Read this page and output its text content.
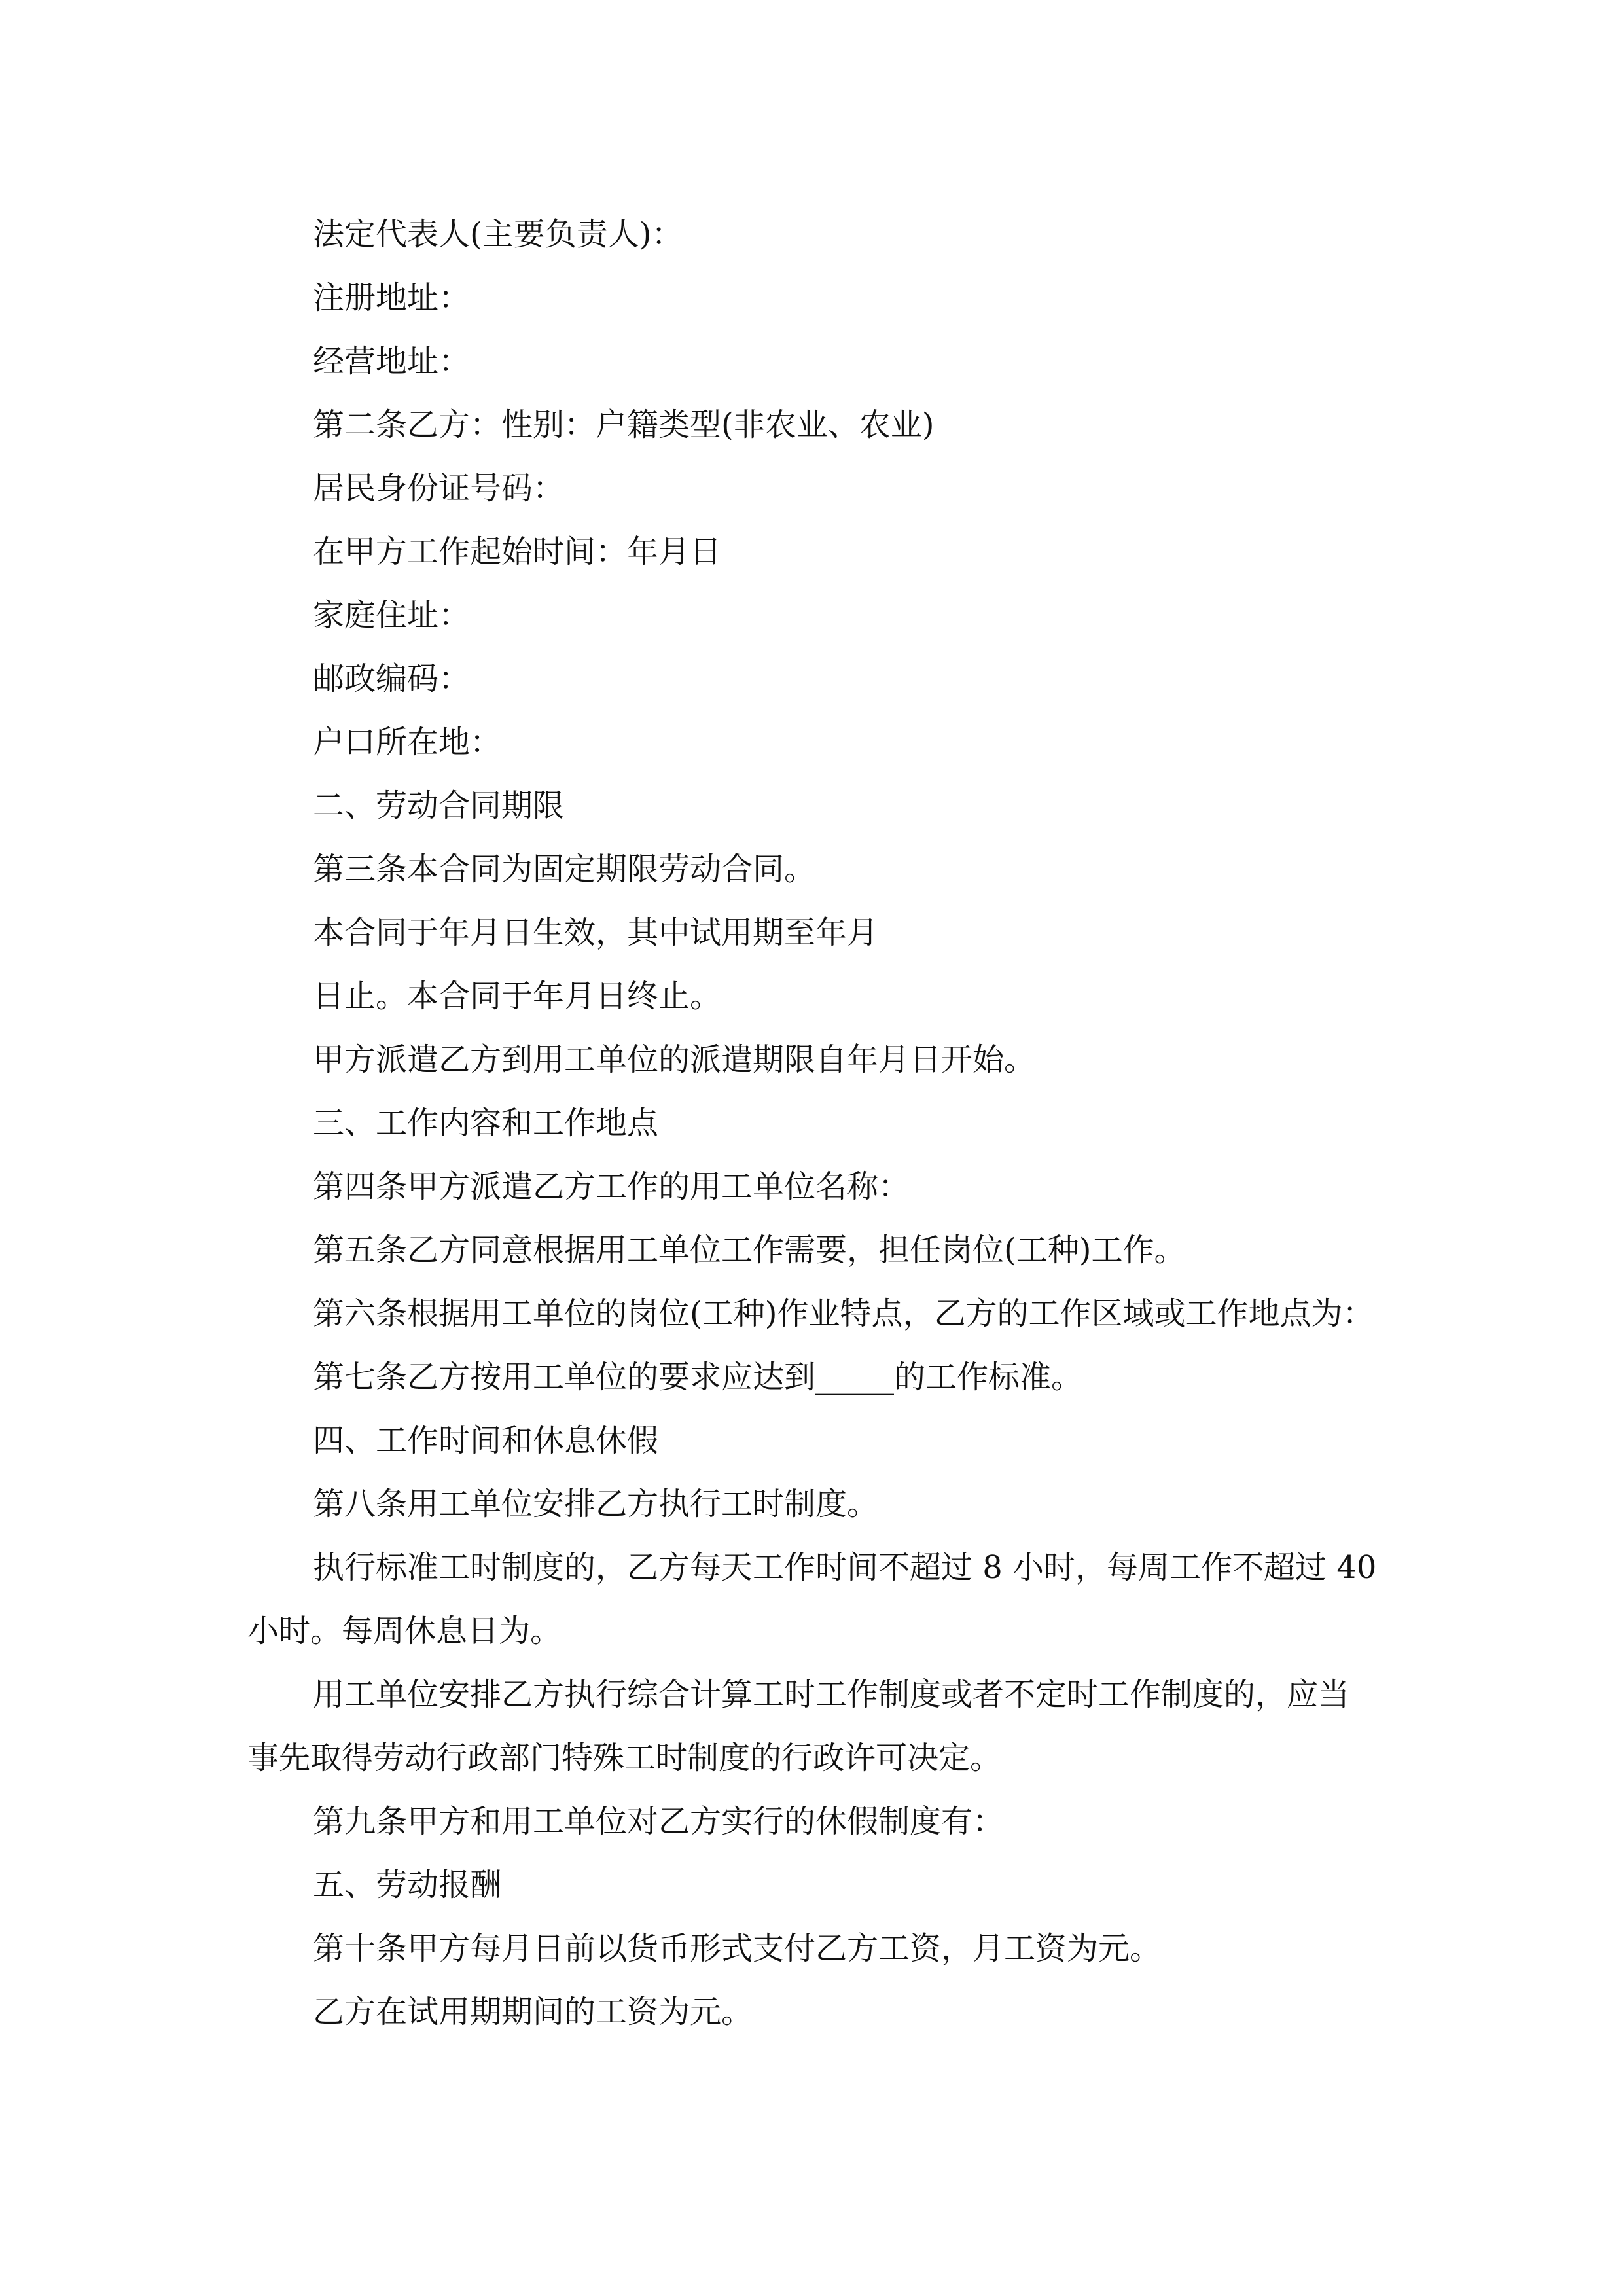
法定代表人(主要负责人)：

注册地址：

经营地址：

第二条乙方：性别：户籍类型(非农业、农业)

居民身份证号码：

在甲方工作起始时间：年月日

家庭住址：

邮政编码：

户口所在地：

二、劳动合同期限

第三条本合同为固定期限劳动合同。

本合同于年月日生效，其中试用期至年月

日止。本合同于年月日终止。

甲方派遣乙方到用工单位的派遣期限自年月日开始。

三、工作内容和工作地点

第四条甲方派遣乙方工作的用工单位名称：

第五条乙方同意根据用工单位工作需要，担任岗位(工种)工作。

第六条根据用工单位的岗位(工种)作业特点，乙方的工作区域或工作地点为：

第七条乙方按用工单位的要求应达到_____的工作标准。

四、工作时间和休息休假

第八条用工单位安排乙方执行工时制度。

执行标准工时制度的，乙方每天工作时间不超过 8 小时，每周工作不超过 40

小时。每周休息日为。

用工单位安排乙方执行综合计算工时工作制度或者不定时工作制度的，应当

事先取得劳动行政部门特殊工时制度的行政许可决定。

第九条甲方和用工单位对乙方实行的休假制度有：

五、劳动报酬

第十条甲方每月日前以货币形式支付乙方工资，月工资为元。

乙方在试用期期间的工资为元。
